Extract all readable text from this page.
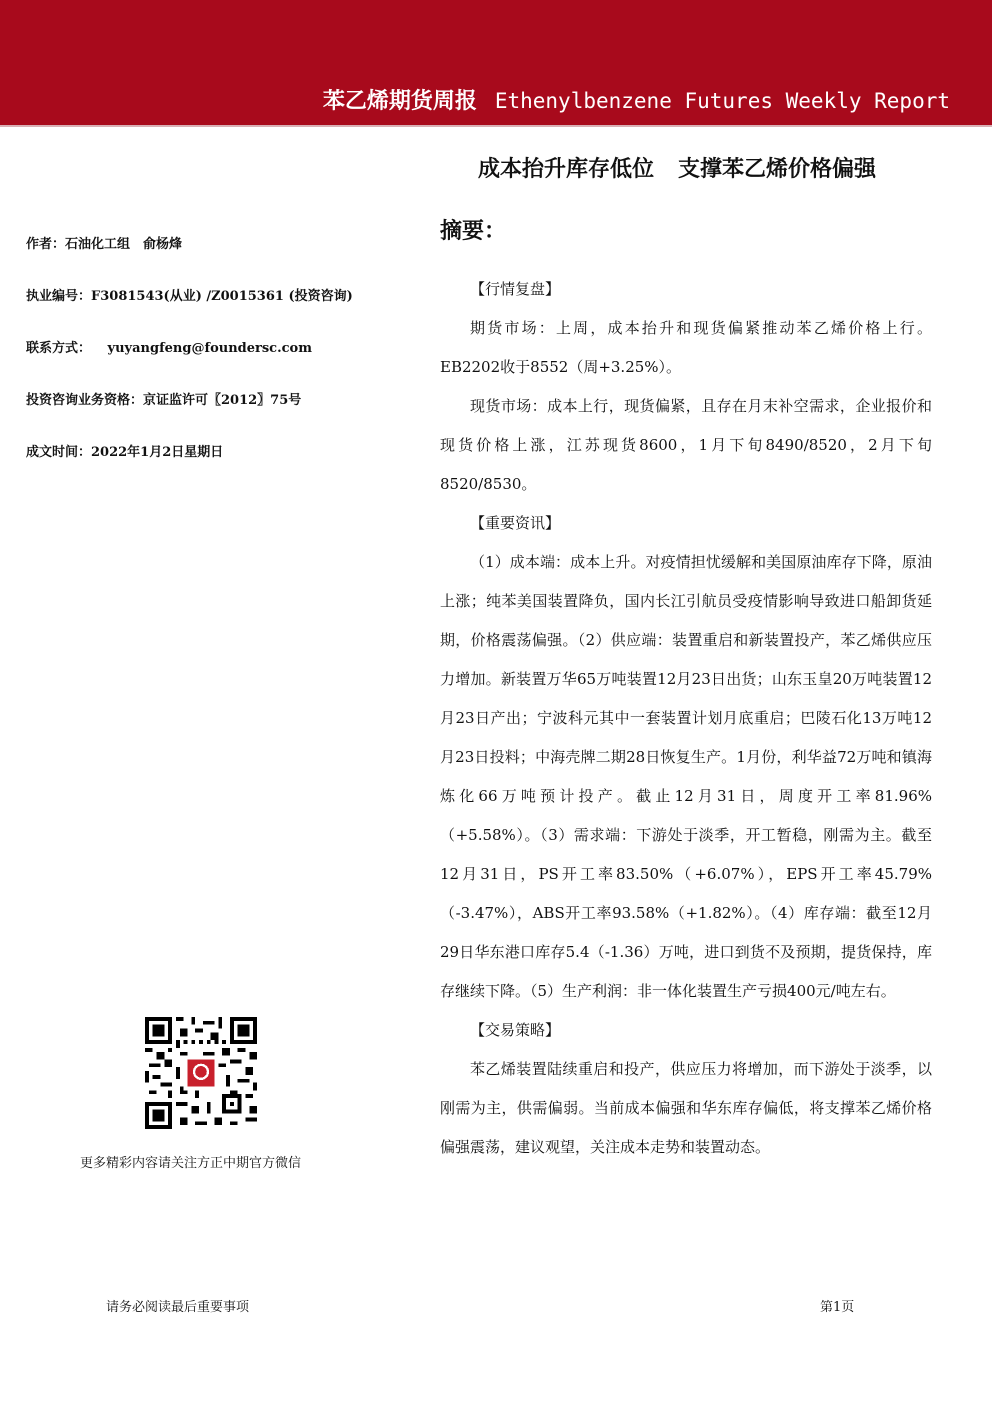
苯乙烯期货周报 Ethenylbenzene Futures Weekly Report
成本抬升库存低位 支撑苯乙烯价格偏强
作者：石油化工组　俞杨烽
执业编号：F3081543(从业) /Z0015361 (投资咨询)
联系方式： yuyangfeng@foundersc.com
投资咨询业务资格：京证监许可〖2012〗75号
成文时间：2022年1月2日星期日
摘要：

【行情复盘】

期货市场：上周，成本抬升和现货偏紧推动苯乙烯价格上行。EB2202收于8552（周+3.25%）。

现货市场：成本上行，现货偏紧，且存在月末补空需求，企业报价和现货价格上涨，江苏现货8600，1月下旬8490/8520，2月下旬8520/8530。

【重要资讯】

（1）成本端：成本上升。对疫情担忧缓解和美国原油库存下降，原油上涨；纯苯美国装置降负，国内长江引航员受疫情影响导致进口船卸货延期，价格震荡偏强。（2）供应端：装置重启和新装置投产，苯乙烯供应压力增加。新装置万华65万吨装置12月23日出货；山东玉皇20万吨装置12月23日产出；宁波科元其中一套装置计划月底重启；巴陵石化13万吨12月23日投料；中海壳牌二期28日恢复生产。1月份，利华益72万吨和镇海炼化66万吨预计投产。截止12月31日，周度开工率81.96%（+5.58%）。（3）需求端：下游处于淡季，开工暂稳，刚需为主。截至12月31日，PS开工率83.50%（+6.07%），EPS开工率45.79%（-3.47%），ABS开工率93.58%（+1.82%）。（4）库存端：截至12月29日华东港口库存5.4（-1.36）万吨，进口到货不及预期，提货保持，库存继续下降。（5）生产利润：非一体化装置生产亏损400元/吨左右。

【交易策略】

苯乙烯装置陆续重启和投产，供应压力将增加，而下游处于淡季，以刚需为主，供需偏弱。当前成本偏强和华东库存偏低，将支撑苯乙烯价格偏强震荡，建议观望，关注成本走势和装置动态。

更多精彩内容请关注方正中期官方微信
请务必阅读最后重要事项	第1页
